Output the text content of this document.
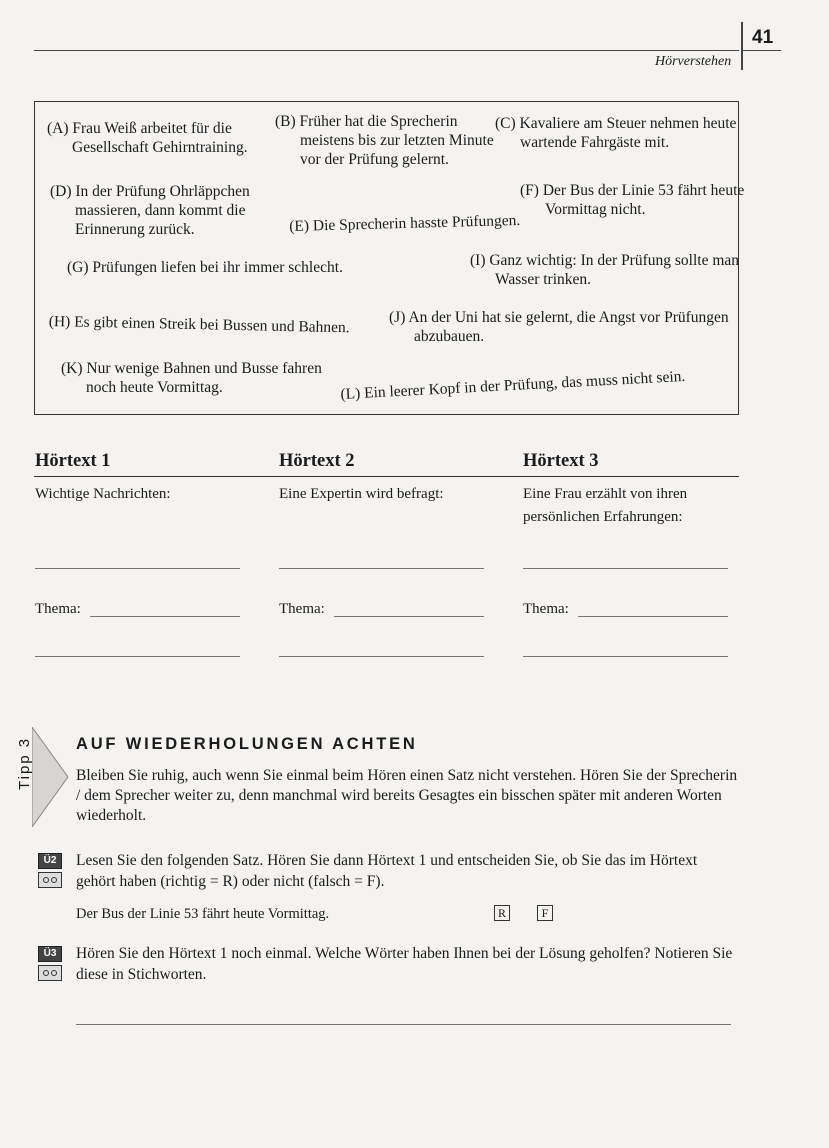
41
Hörverstehen
(A) Frau Weiß arbeitet für die Gesellschaft Gehirntraining.
(B) Früher hat die Sprecherin meistens bis zur letzten Minute vor der Prüfung gelernt.
(C) Kavaliere am Steuer nehmen heute wartende Fahrgäste mit.
(D) In der Prüfung Ohrläppchen massieren, dann kommt die Erinnerung zurück.	(E) Die Sprecherin hasste Prüfungen.
(F) Der Bus der Linie 53 fährt heute Vormittag nicht.
(G) Prüfungen liefen bei ihr immer schlecht.	(I) Ganz wichtig: In der Prüfung sollte man Wasser trinken.
(H) Es gibt einen Streik bei Bussen und Bahnen.	(J) An der Uni hat sie gelernt, die Angst vor Prüfungen abzubauen.
(K) Nur wenige Bahnen und Busse fahren noch heute Vormittag.	(L) Ein leerer Kopf in der Prüfung, das muss nicht sein.
Hörtext 1	Hörtext 2	Hörtext 3
Wichtige Nachrichten:	Eine Expertin wird befragt:	Eine Frau erzählt von ihren persönlichen Erfahrungen:
Thema:	Thema:	Thema:
Tipp 3	AUF WIEDERHOLUNGEN ACHTEN
Bleiben Sie ruhig, auch wenn Sie einmal beim Hören einen Satz nicht verstehen. Hören Sie der Sprecherin / dem Sprecher weiter zu, denn manchmal wird bereits Gesagtes ein bisschen später mit anderen Worten wiederholt.
Ü2	Lesen Sie den folgenden Satz. Hören Sie dann Hörtext 1 und entscheiden Sie, ob Sie das im Hörtext gehört haben (richtig = R) oder nicht (falsch = F).
Der Bus der Linie 53 fährt heute Vormittag.	R	F
Ü3	Hören Sie den Hörtext 1 noch einmal. Welche Wörter haben Ihnen bei der Lösung geholfen? Notieren Sie diese in Stichworten.
